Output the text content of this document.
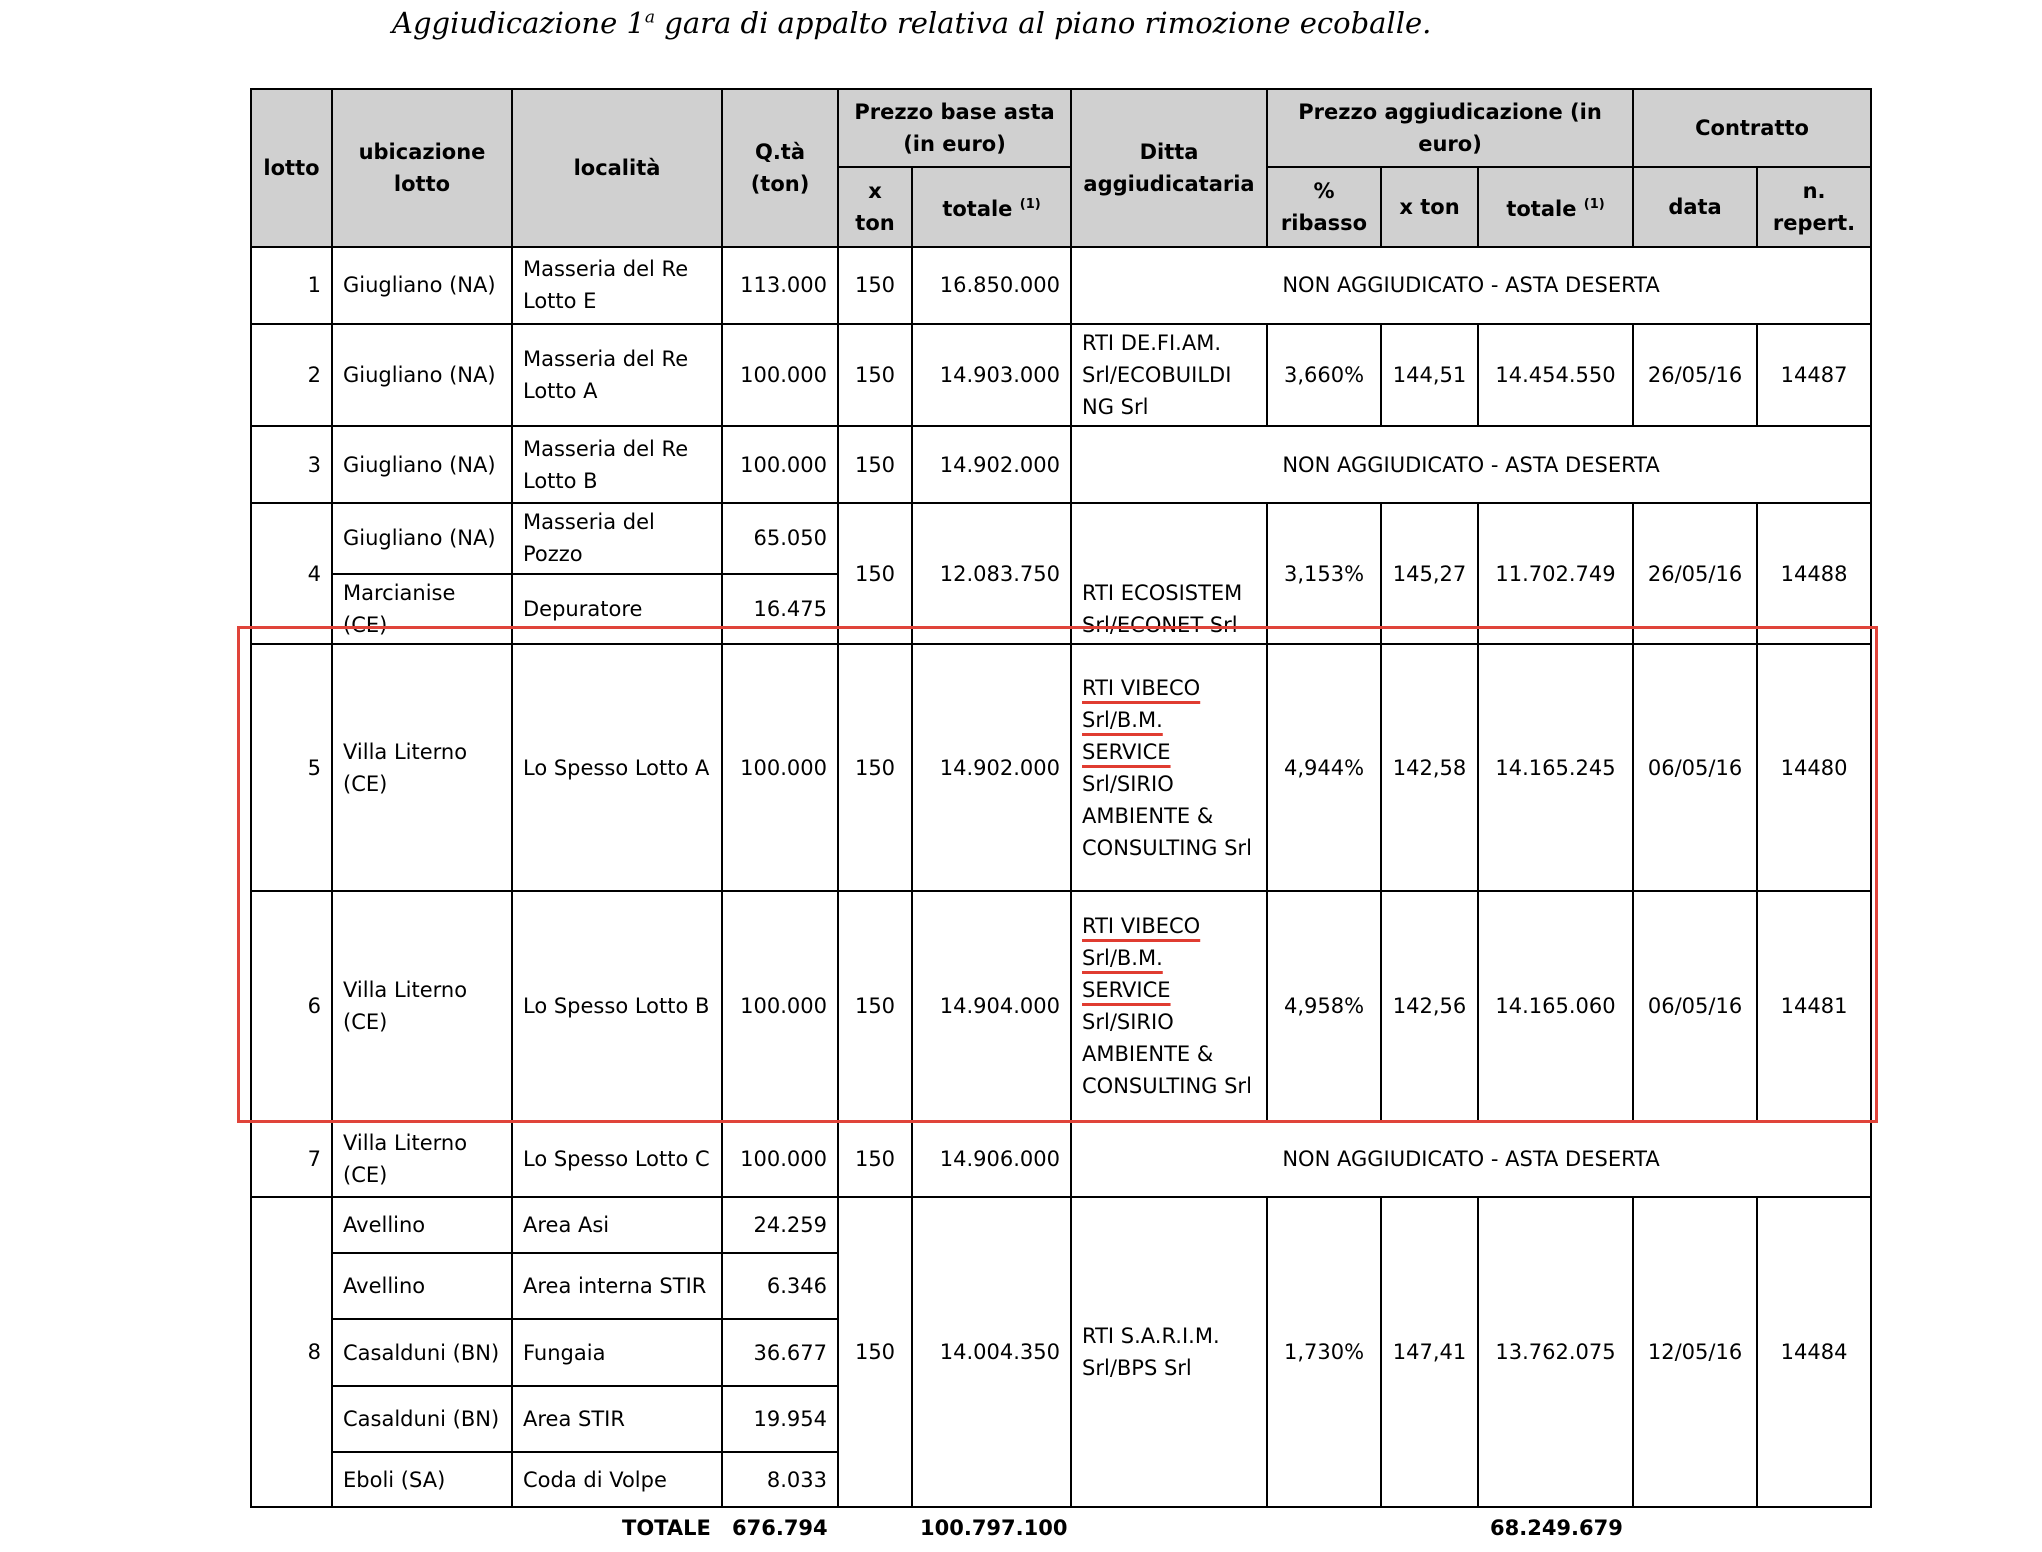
Aggiudicazione 1$^a$ gara di appalto relativa al piano rimozione ecoballe.
lotto	ubicazione lotto	località	Q.tà (ton)	Prezzo base asta (in euro)		Ditta aggiudicataria	Prezzo aggiudicazione (in euro)			Contratto	
				x ton	totale $^{(1)}$		% ribasso	x ton	totale $^{(1)}$	data	n. repert.
1	Giugliano (NA)	Masseria del Re Lotto E	113.000	150	16.850.000	NON AGGIUDICATO - ASTA DESERTA					
2	Giugliano (NA)	Masseria del Re Lotto A	100.000	150	14.903.000	RTI DE.FI.AM. Srl/ECOBUILDI NG Srl	3,660%	144,51	14.454.550	26/05/16	14487
3	Giugliano (NA)	Masseria del Re Lotto B	100.000	150	14.902.000	NON AGGIUDICATO - ASTA DESERTA					
4	Giugliano (NA)	Masseria del Pozzo	65.050	150	12.083.750	RTI ECOSISTEM Srl/ECONET Srl	3,153%	145,27	11.702.749	26/05/16	14488
	Marcianise (CE)	Depuratore	16.475								
5	Villa Literno (CE)	Lo Spesso Lotto A	100.000	150	14.902.000	RTI VIBECO Srl/B.M. SERVICE Srl/SIRIO AMBIENTE & CONSULTING Srl	4,944%	142,58	14.165.245	06/05/16	14480
6	Villa Literno (CE)	Lo Spesso Lotto B	100.000	150	14.904.000	RTI VIBECO Srl/B.M. SERVICE Srl/SIRIO AMBIENTE & CONSULTING Srl	4,958%	142,56	14.165.060	06/05/16	14481
7	Villa Literno (CE)	Lo Spesso Lotto C	100.000	150	14.906.000	NON AGGIUDICATO - ASTA DESERTA					
8	Avellino	Area Asi	24.259	150	14.004.350	RTI S.A.R.I.M. Srl/BPS Srl	1,730%	147,41	13.762.075	12/05/16	14484
	Avellino	Area interna STIR	6.346								
	Casalduni (BN)	Fungaia	36.677								
	Casalduni (BN)	Area STIR	19.954								
	Eboli (SA)	Coda di Volpe	8.033								
TOTALE 676.794	100.797.100	68.249.679
